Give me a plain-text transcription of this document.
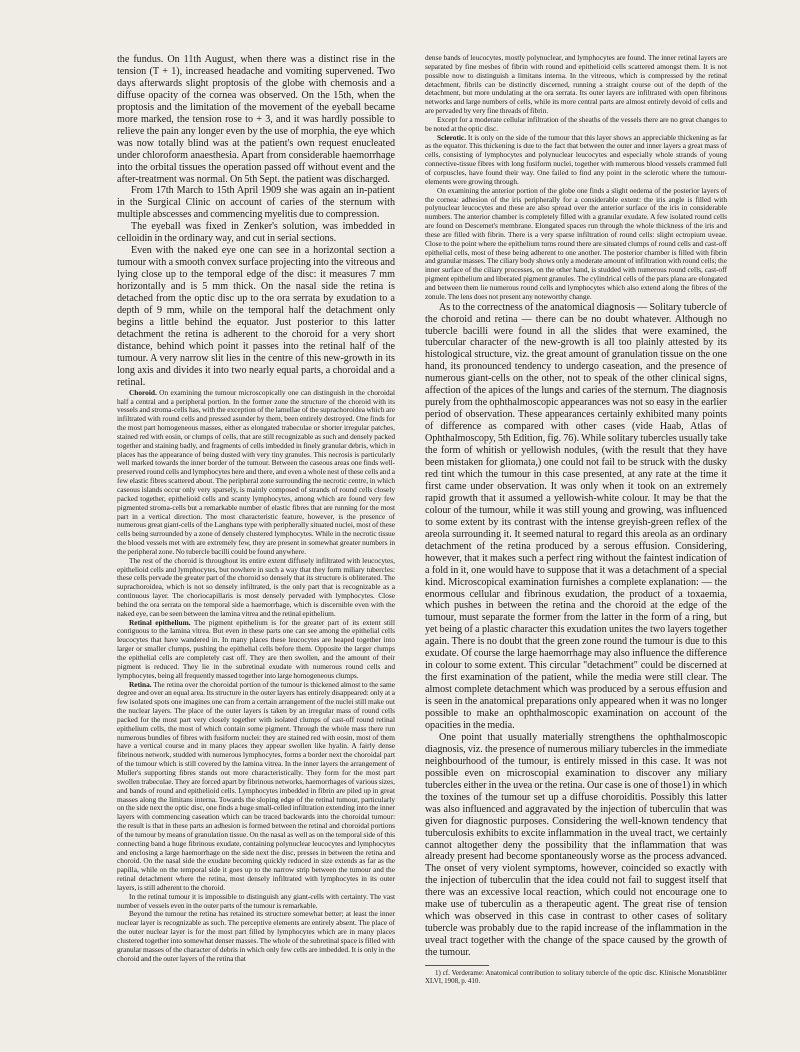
the fundus. On 11th August, when there was a distinct rise in the tension (T + 1), increased headache and vomiting supervened. Two days afterwards slight proptosis of the globe with chemosis and a diffuse opacity of the cornea was observed. On the 15th, when the proptosis and the limitation of the movement of the eyeball became more marked, the tension rose to + 3, and it was hardly possible to relieve the pain any longer even by the use of morphia, the eye which was now totally blind was at the patient's own request enucleated under chloroform anaesthesia. Apart from considerable haemorrhage into the orbital tissues the operation passed off without event and the after-treatment was normal. On 5th Sept. the patient was discharged.

From 17th March to 15th April 1909 she was again an in-patient in the Surgical Clinic on account of caries of the sternum with multiple abscesses and commencing myelitis due to compression.

The eyeball was fixed in Zenker's solution, was imbedded in celloidin in the ordinary way, and cut in serial sections.

Even with the naked eye one can see in a horizontal section a tumour with a smooth convex surface projecting into the vitreous and lying close up to the temporal edge of the disc: it measures 7 mm horizontally and is 5 mm thick. On the nasal side the retina is detached from the optic disc up to the ora serrata by exudation to a depth of 9 mm, while on the temporal half the detachment only begins a little behind the equator. Just posterior to this latter detachment the retina is adherent to the choroid for a very short distance, behind which point it passes into the retinal half of the tumour. A very narrow slit lies in the centre of this new-growth in its long axis and divides it into two nearly equal parts, a choroidal and a retinal.

Choroid. On examining the tumour microscopically one can distinguish in the choroidal half a central and a peripheral portion. In the former zone the structure of the choroid with its vessels and stroma-cells has, with the exception of the lamellae of the suprachoroidea which are infiltrated with round cells and pressed asunder by them, been entirely destroyed. One finds for the most part homogeneous masses, either as elongated trabeculae or shorter irregular patches, stained red with eosin, or clumps of cells, that are still recognizable as such and densely packed together and staining badly, and fragments of cells imbedded in finely granular debris, which in places has the appearance of being dusted with very tiny granules. This necrosis is particularly well marked towards the inner border of the tumour. Between the caseous areas one finds well-preserved round cells and lymphocytes here and there, and even a whole nest of these cells and a few elastic fibres scattered about. The peripheral zone surrounding the necrotic centre, in which caseous islands occur only very sparsely, is mainly composed of strands of round cells closely packed together, epithelioid cells and scanty lymphocytes, among which are found very few pigmented stroma-cells but a remarkable number of elastic fibres that are running for the most part in a vertical direction. The most characteristic feature, however, is the presence of numerous great giant-cells of the Langhans type with peripherally situated nuclei, most of these cells being surrounded by a zone of densely clustered lymphocytes. While in the necrotic tissue the blood vessels met with are extremely few, they are present in somewhat greater numbers in the peripheral zone. No tubercle bacilli could be found anywhere.

The rest of the choroid is throughout its entire extent diffusely infiltrated with leucocytes, epithelioid cells and lymphocytes, but nowhere in such a way that they form miliary tubercles: these cells pervade the greater part of the choroid so densely that its structure is obliterated. The suprachoroidea, which is not so densely infiltrated, is the only part that is recognizable as a continuous layer. The choriocapillaris is most densely pervaded with lymphocytes. Close behind the ora serrata on the temporal side a haemorrhage, which is discernible even with the naked eye, can be seen between the lamina vitrea and the retinal epithelium.

Retinal epithelium. The pigment epithelium is for the greater part of its extent still contiguous to the lamina vitrea. But even in these parts one can see among the epithelial cells leucocytes that have wandered in. In many places these leucocytes are heaped together into larger or smaller clumps, pushing the epithelial cells before them. Opposite the larger clumps the epithelial cells are completely cast off. They are then swollen, and the amount of their pigment is reduced. They lie in the subretinal exudate with numerous round cells and lymphocytes, being all frequently massed together into large homogeneous clumps.

Retina. The retina over the choroidal portion of the tumour is thickened almost to the same degree and over an equal area. Its structure in the outer layers has entirely disappeared: only at a few isolated spots one imagines one can from a certain arrangement of the nuclei still make out the nuclear layers. The place of the outer layers is taken by an irregular mass of round cells packed for the most part very closely together with isolated clumps of cast-off round retinal epithelium cells, the most of which contain some pigment. Through the whole mass there run numerous bundles of fibres with fusiform nuclei: they are stained red with eosin, most of them have a vertical course and in many places they appear swollen like hyalin. A fairly dense fibrinous network, studded with numerous lymphocytes, forms a border next the choroidal part of the tumour which is still covered by the lamina vitrea. In the inner layers the arrangement of Muller's supporting fibres stands out more characteristically. They form for the most part swollen trabeculae. They are forced apart by fibrinous networks, haemorrhages of various sizes, and bands of round and epithelioid cells. Lymphocytes imbedded in fibrin are piled up in great masses along the limitans interna. Towards the sloping edge of the retinal tumour, particularly on the side next the optic disc, one finds a huge small-celled infiltration extending into the inner layers with commencing caseation which can be traced backwards into the choroidal tumour: the result is that in these parts an adhesion is formed between the retinal and choroidal portions of the tumour by means of granulation tissue. On the nasal as well as on the temporal side of this connecting band a huge fibrinous exudate, containing polynuclear leucocytes and lymphocytes and enclosing a large haemorrhage on the side next the disc, presses in between the retina and choroid. On the nasal side the exudate becoming quickly reduced in size extends as far as the papilla, while on the temporal side it goes up to the narrow strip between the tumour and the retinal detachment where the retina, most densely infiltrated with lymphocytes in its outer layers, is still adherent to the choroid.

In the retinal tumour it is impossible to distinguish any giant-cells with certainty. The vast number of vessels even in the outer parts of the tumour is remarkable.

Beyond the tumour the retina has retained its structure somewhat better; at least the inner nuclear layer is recognizable as such. The perceptive elements are entirely absent. The place of the outer nuclear layer is for the most part filled by lymphocytes which are in many places clustered together into somewhat denser masses. The whole of the subretinal space is filled with granular masses of the character of debris in which only few cells are imbedded. It is only in the choroid and the outer layers of the retina that

dense bands of leucocytes, mostly polynuclear, and lymphocytes are found. The inner retinal layers are separated by fine meshes of fibrin with round and epithelioid cells scattered amongst them. It is not possible now to distinguish a limitans interna. In the vitreous, which is compressed by the retinal detachment, fibrils can be distinctly discerned, running a straight course out of the depth of the detachment, but more undulating at the ora serrata. Its outer layers are infiltrated with open fibrinous networks and large numbers of cells, while its more central parts are almost entirely devoid of cells and are pervaded by very fine threads of fibrin.

Except for a moderate cellular infiltration of the sheaths of the vessels there are no great changes to be noted at the optic disc.

Sclerotic. It is only on the side of the tumour that this layer shows an appreciable thickening as far as the equator. This thickening is due to the fact that between the outer and inner layers a great mass of cells, consisting of lymphocytes and polynuclear leucocytes and especially whole strands of young connective-tissue fibres with long fusiform nuclei, together with numerous blood vessels crammed full of corpuscles, have found their way. One failed to find any point in the sclerotic where the tumour-elements were growing through.

On examining the anterior portion of the globe one finds a slight oedema of the posterior layers of the cornea: adhesion of the iris peripherally for a considerable extent: the iris angle is filled with polynuclear leucocytes and these are also spread over the anterior surface of the iris in considerable numbers. The anterior chamber is completely filled with a granular exudate. A few isolated round cells are found on Descemet's membrane. Elongated spaces run through the whole thickness of the iris and these are filled with fibrin. There is a very sparse infiltration of round cells: slight ectropium uveae. Close to the point where the epithelium turns round there are situated clumps of round cells and cast-off epithelial cells, most of these being adherent to one another. The posterior chamber is filled with fibrin and granular masses. The ciliary body shows only a moderate amount of infiltration with round cells; the inner surface of the ciliary processes, on the other hand, is studded with numerous round cells, cast-off pigment epithelium and liberated pigment granules. The cylindrical cells of the pars plana are elongated and between them lie numerous round cells and lymphocytes which also extend along the fibres of the zonule. The lens does not present any noteworthy change.

As to the correctness of the anatomical diagnosis — Solitary tubercle of the choroid and retina — there can be no doubt whatever. Although no tubercle bacilli were found in all the slides that were examined, the tubercular character of the new-growth is all too plainly attested by its histological structure, viz. the great amount of granulation tissue on the one hand, its pronounced tendency to undergo caseation, and the presence of numerous giant-cells on the other, not to speak of the other clinical signs, affection of the apices of the lungs and caries of the sternum. The diagnosis purely from the ophthalmoscopic appearances was not so easy in the earlier period of observation. These appearances certainly exhibited many points of difference as compared with other cases (vide Haab, Atlas of Ophthalmoscopy, 5th Edition, fig. 76). While solitary tubercles usually take the form of whitish or yellowish nodules, (with the result that they have been mistaken for gliomata,) one could not fail to be struck with the dusky red tint which the tumour in this case presented, at any rate at the time it first came under observation. It was only when it took on an extremely rapid growth that it assumed a yellowish-white colour. It may be that the colour of the tumour, while it was still young and growing, was influenced to some extent by its contrast with the intense greyish-green reflex of the areola surrounding it. It seemed natural to regard this areola as an ordinary detachment of the retina produced by a serous effusion. Considering, however, that it makes such a perfect ring without the faintest indication of a fold in it, one would have to suppose that it was a detachment of a special kind. Microscopical examination furnishes a complete explanation: — the enormous cellular and fibrinous exudation, the product of a toxaemia, which pushes in between the retina and the choroid at the edge of the tumour, must separate the former from the latter in the form of a ring, but yet being of a plastic character this exudation unites the two layers together again. There is no doubt that the green zone round the tumour is due to this exudate. Of course the large haemorrhage may also influence the difference in colour to some extent. This circular "detachment" could be discerned at the first examination of the patient, while the media were still clear. The almost complete detachment which was produced by a serous effusion and is seen in the anatomical preparations only appeared when it was no longer possible to make an ophthalmoscopic examination on account of the opacities in the media.

One point that usually materially strengthens the ophthalmoscopic diagnosis, viz. the presence of numerous miliary tubercles in the immediate neighbourhood of the tumour, is entirely missed in this case. It was not possible even on microscopial examination to discover any miliary tubercles either in the uvea or the retina. Our case is one of those1) in which the toxines of the tumour set up a diffuse choroiditis. Possibly this latter was also influenced and aggravated by the injection of tuberculin that was given for diagnostic purposes. Considering the well-known tendency that tuberculosis exhibits to excite inflammation in the uveal tract, we certainly cannot altogether deny the possibility that the inflammation that was already present had become spontaneously worse as the process advanced. The onset of very violent symptoms, however, coincided so exactly with the injection of tuberculin that the idea could not fail to suggest itself that there was an excessive local reaction, which could not encourage one to make use of tuberculin as a therapeutic agent. The great rise of tension which was observed in this case in contrast to other cases of solitary tubercle was probably due to the rapid increase of the inflammation in the uveal tract together with the change of the space caused by the growth of the tumour.

1) cf. Verderame: Anatomical contribution to solitary tubercle of the optic disc. Klinische Monatsblätter XLVI, 1908, p. 410.
